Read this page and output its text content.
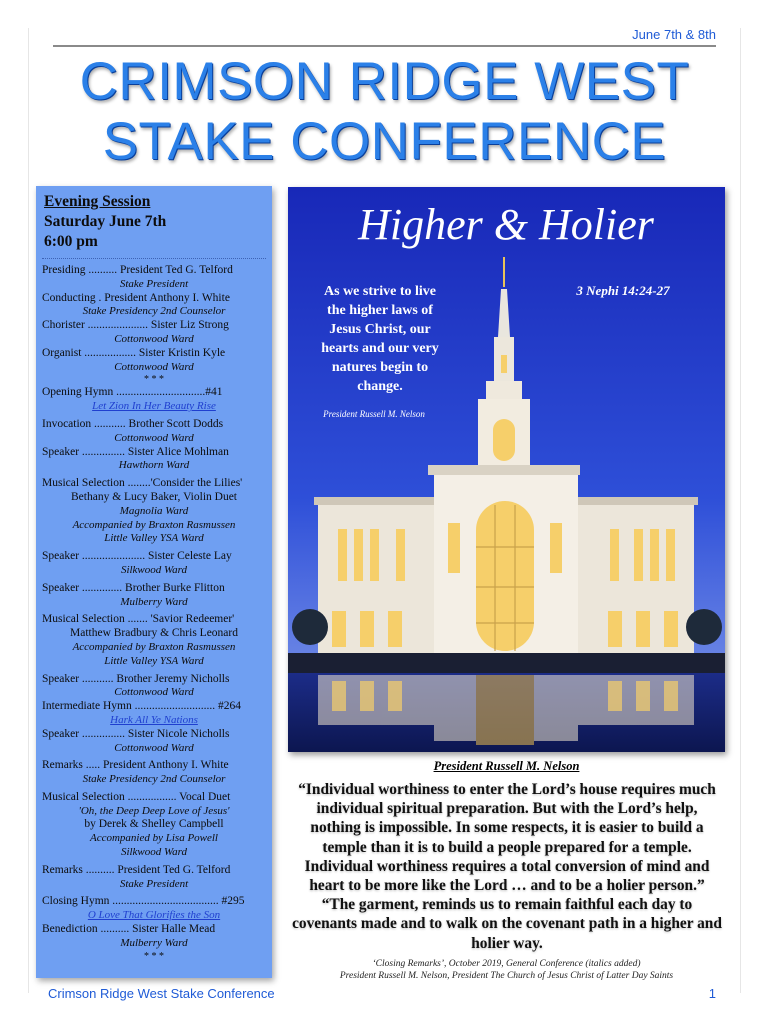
June 7th & 8th
CRIMSON RIDGE WEST
STAKE CONFERENCE
Evening Session
Saturday June 7th
6:00 pm
Presiding .......... President Ted G. Telford
Stake President
Conducting . President Anthony I. White
Stake Presidency 2nd Counselor
Chorister ..................... Sister Liz Strong
Cottonwood Ward
Organist .................. Sister Kristin Kyle
Cottonwood Ward
* * *
Opening Hymn ...............................#41
Let Zion In Her Beauty Rise
Invocation ........... Brother Scott Dodds
Cottonwood Ward
Speaker ............... Sister Alice Mohlman
Hawthorn Ward
Musical Selection ........'Consider the Lilies'
Bethany & Lucy Baker, Violin Duet
Magnolia Ward
Accompanied by Braxton Rasmussen
Little Valley YSA Ward
Speaker ...................... Sister Celeste Lay
Silkwood Ward
Speaker .............. Brother Burke Flitton
Mulberry Ward
Musical Selection ....... 'Savior Redeemer'
Matthew Bradbury & Chris Leonard
Accompanied by Braxton Rasmussen
Little Valley YSA Ward
Speaker ........... Brother Jeremy Nicholls
Cottonwood Ward
Intermediate Hymn ............................ #264
Hark All Ye Nations
Speaker ............... Sister Nicole Nicholls
Cottonwood Ward
Remarks ..... President Anthony I. White
Stake Presidency 2nd Counselor
Musical Selection ................. Vocal Duet
'Oh, the Deep Deep Love of Jesus'
by Derek & Shelley Campbell
Accompanied by Lisa Powell
Silkwood Ward
Remarks .......... President Ted G. Telford
Stake President
Closing Hymn ..................................... #295
O Love That Glorifies the Son
Benediction .......... Sister Halle Mead
Mulberry Ward
* * *
Higher & Holier
As we strive to live
the higher laws of
Jesus Christ, our
hearts and our very
natures begin to
change.
President Russell M. Nelson
3 Nephi 14:24-27
President Russell M. Nelson
“Individual worthiness to enter the Lord’s house requires much individual spiritual preparation. But with the Lord’s help, nothing is impossible. In some respects, it is easier to build a temple than it is to build a people prepared for a temple. Individual worthiness requires a total conversion of mind and heart to be more like the Lord … and to be a holier person.” “The garment, reminds us to remain faithful each day to covenants made and to walk on the covenant path in a higher and holier way.
‘Closing Remarks’, October 2019, General Conference (italics added)
President Russell M. Nelson, President The Church of Jesus Christ of Latter Day Saints
Crimson Ridge West Stake Conference	1
